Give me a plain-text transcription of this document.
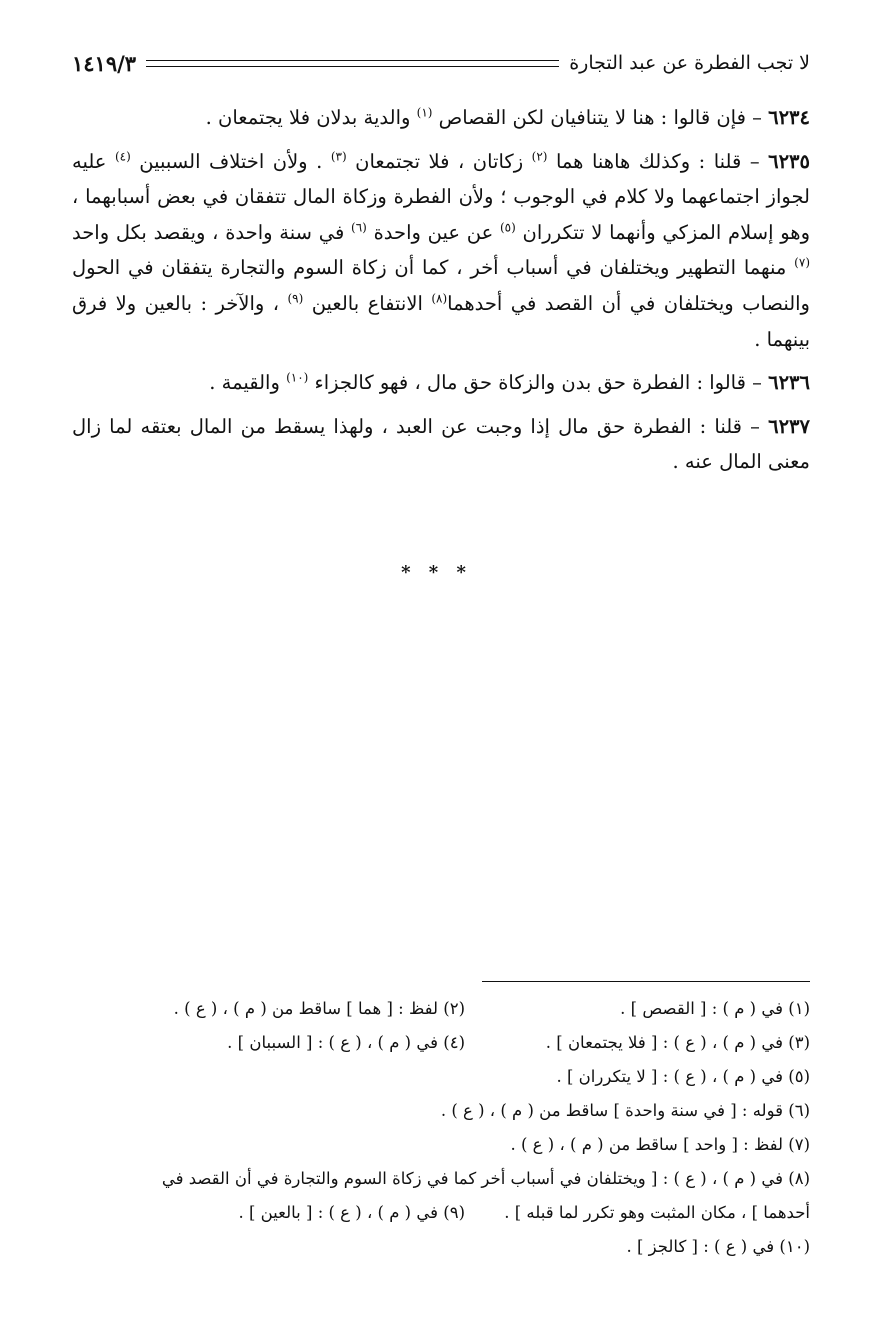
لا تجب الفطرة عن عبد التجارة
١٤١٩/٣

٦٢٣٤ – فإن قالوا : هنا لا يتنافيان لكن القصاص $^{(١)}$ والدية بدلان فلا يجتمعان .

٦٢٣٥ – قلنا : وكذلك هاهنا هما $^{(٢)}$ زكاتان ، فلا تجتمعان $^{(٣)}$ . ولأن اختلاف السببين $^{(٤)}$ عليه لجواز اجتماعهما ولا كلام في الوجوب ؛ ولأن الفطرة وزكاة المال تتفقان في بعض أسبابهما ، وهو إسلام المزكي وأنهما لا تتكرران $^{(٥)}$ عن عين واحدة $^{(٦)}$ في سنة واحدة ، ويقصد بكل واحد $^{(٧)}$ منهما التطهير ويختلفان في أسباب أخر ، كما أن زكاة السوم والتجارة يتفقان في الحول والنصاب ويختلفان في أن القصد في أحدهما$^{(٨)}$ الانتفاع بالعين $^{(٩)}$ ، والآخر : بالعين ولا فرق بينهما .

٦٢٣٦ – قالوا : الفطرة حق بدن والزكاة حق مال ، فهو كالجزاء $^{(١٠)}$ والقيمة .

٦٢٣٧ – قلنا : الفطرة حق مال إذا وجبت عن العبد ، ولهذا يسقط من المال بعتقه لما زال معنى المال عنه .

* * *
(١) في ( م ) : [ القصص ] .
(٢) لفظ : [ هما ] ساقط من ( م ) ، ( ع ) .
(٣) في ( م ) ، ( ع ) : [ فلا يجتمعان ] .
(٤) في ( م ) ، ( ع ) : [ السببان ] .
(٥) في ( م ) ، ( ع ) : [ لا يتكرران ] .
(٦) قوله : [ في سنة واحدة ] ساقط من ( م ) ، ( ع ) .
(٧) لفظ : [ واحد ] ساقط من ( م ) ، ( ع ) .
(٨) في ( م ) ، ( ع ) : [ ويختلفان في أسباب أخر كما في زكاة السوم والتجارة في أن القصد في
أحدهما ] ، مكان المثبت وهو تكرر لما قبله ] .
(٩) في ( م ) ، ( ع ) : [ بالعين ] .
(١٠) في ( ع ) : [ كالجز ] .
